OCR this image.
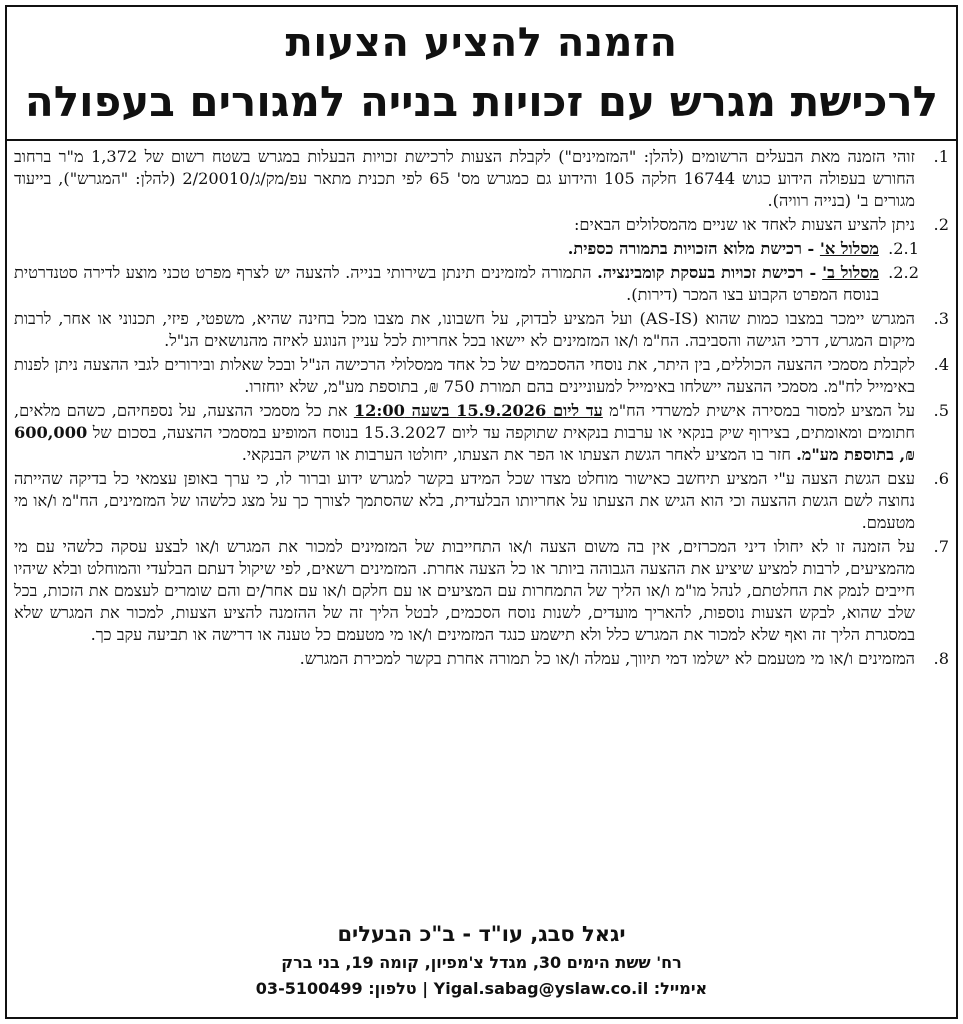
הזמנה להציע הצעות
לרכישת מגרש עם זכויות בנייה למגורים בעפולה
1.
זוהי הזמנה מאת הבעלים הרשומים (להלן: "המזמינים") לקבלת הצעות לרכישת זכויות הבעלות במגרש בשטח רשום של 1,372 מ"ר ברחוב החורש בעפולה הידוע כגוש 16744 חלקה 105 והידוע גם כמגרש מס' 65 לפי תכנית מתאר עפ/מק/ג/2/20010 (להלן: "המגרש"), בייעוד מגורים ב' (בנייה רוויה).
2.
ניתן להציע הצעות לאחד או שניים מהמסלולים הבאים:
2.1.
מסלול א' - רכישת מלוא הזכויות בתמורה כספית.
2.2.
מסלול ב' - רכישת זכויות בעסקת קומבינציה. התמורה למזמינים תינתן בשירותי בנייה. להצעה יש לצרף מפרט טכני מוצע לדירה סטנדרטית בנוסח המפרט הקבוע בצו המכר (דירות).
3.
המגרש יימכר במצבו כמות שהוא (AS-IS) ועל המציע לבדוק, על חשבונו, את מצבו מכל בחינה שהיא, משפטי, פיזי, תכנוני או אחר, לרבות מיקום המגרש, דרכי הגישה והסביבה. הח"מ ו/או המזמינים לא יישאו בכל אחריות לכל עניין הנוגע לאיזה מהנושאים הנ"ל.
4.
לקבלת מסמכי ההצעה הכוללים, בין היתר, את נוסחי ההסכמים של כל אחד ממסלולי הרכישה הנ"ל ובכל שאלות ובירורים לגבי ההצעה ניתן לפנות באימייל לח"מ. מסמכי ההצעה יישלחו באימייל למעוניינים בהם תמורת 750 ₪, בתוספת מע"מ, שלא יוחזרו.
5.
על המציע למסור במסירה אישית למשרדי הח"מ עד ליום 15.9.2026 בשעה 12:00 את כל מסמכי ההצעה, על נספחיהם, כשהם מלאים, חתומים ומאומתים, בצירוף שיק בנקאי או ערבות בנקאית שתוקפה עד ליום 15.3.2027 בנוסח המופיע במסמכי ההצעה, בסכום של 600,000 ₪, בתוספת מע"מ. חזר בו המציע לאחר הגשת הצעתו או הפר את הצעתו, יחולטו הערבות או השיק הבנקאי.
6.
עצם הגשת הצעה ע"י המציע תיחשב כאישור מוחלט מצדו שכל המידע בקשר למגרש ידוע וברור לו, כי ערך באופן עצמאי כל בדיקה שהייתה נחוצה לשם הגשת ההצעה וכי הוא הגיש את הצעתו על אחריותו הבלעדית, בלא שהסתמך לצורך כך על מצג כלשהו של המזמינים, הח"מ ו/או מי מטעמם.
7.
על הזמנה זו לא יחולו דיני המכרזים, אין בה משום הצעה ו/או התחייבות של המזמינים למכור את המגרש ו/או לבצע עסקה כלשהי עם מי מהמציעים, לרבות למציע שיציע את ההצעה הגבוהה ביותר או כל הצעה אחרת. המזמינים רשאים, לפי שיקול דעתם הבלעדי והמוחלט ובלא שיהיו חייבים לנמק את החלטתם, לנהל מו"מ ו/או הליך של התמחרות עם המציעים או עם חלקם ו/או עם אחר/ים והם שומרים לעצמם את הזכות, בכל שלב שהוא, לבקש הצעות נוספות, להאריך מועדים, לשנות נוסח הסכמים, לבטל הליך זה של ההזמנה להציע הצעות, למכור את המגרש שלא במסגרת הליך זה ואף שלא למכור את המגרש כלל ולא תישמע כנגד המזמינים ו/או מי מטעמם כל טענה או דרישה או תביעה עקב כך.
8.
המזמינים ו/או מי מטעמם לא ישלמו דמי תיווך, עמלה ו/או כל תמורה אחרת בקשר למכירת המגרש.
יגאל סבג, עו"ד - ב"כ הבעלים
רח' ששת הימים 30, מגדל צ'מפיון, קומה 19, בני ברק
אימייל: Yigal.sabag@yslaw.co.il | טלפון: 03-5100499
